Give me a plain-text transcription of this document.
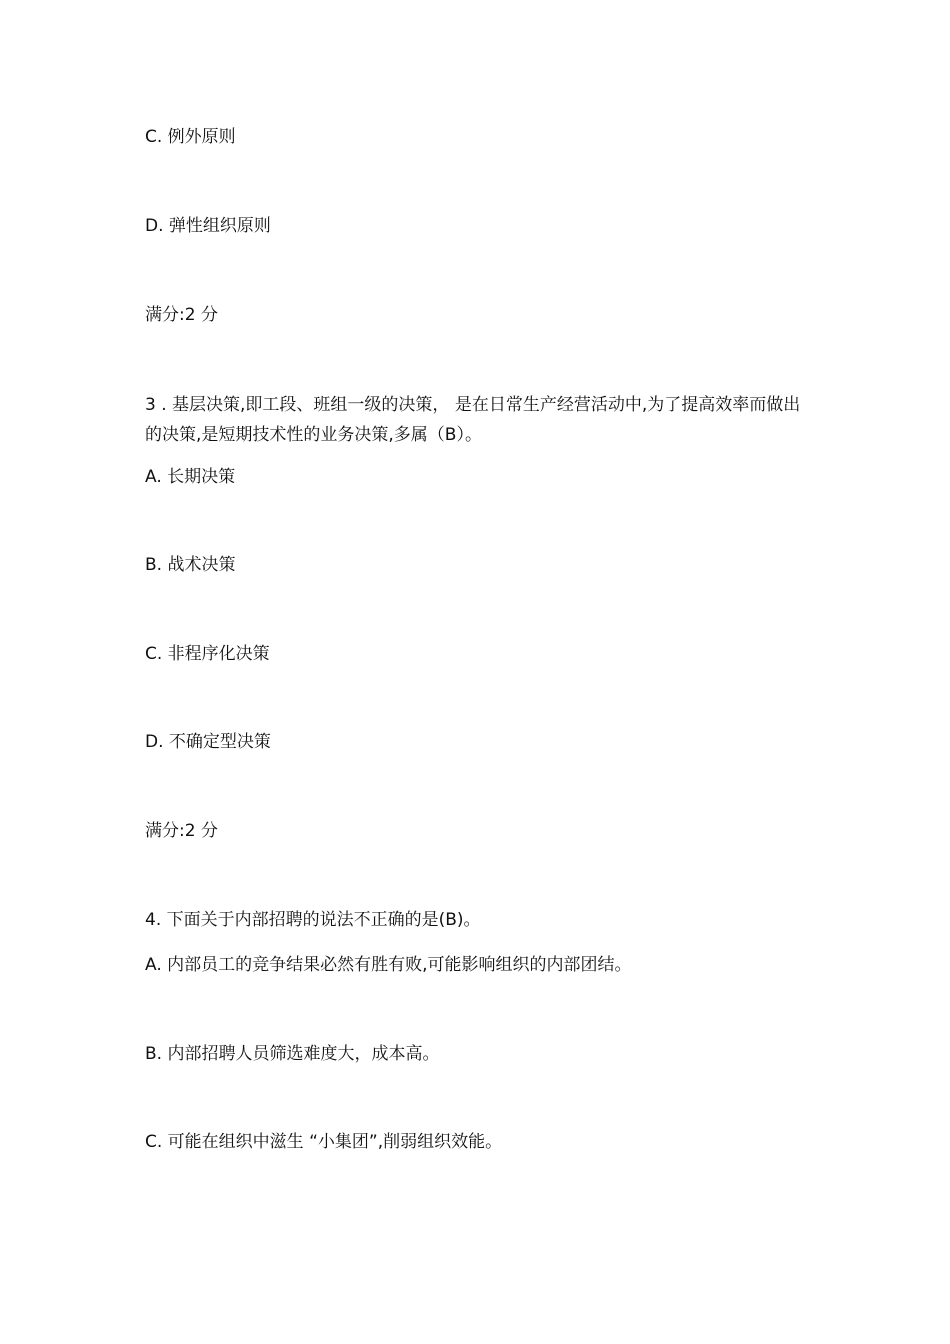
C. 例外原则
D. 弹性组织原则
满分:2 分
3 . 基层决策,即工段、班组一级的决策， 是在日常生产经营活动中,为了提高效率而做出的决策,是短期技术性的业务决策,多属（B）。
A. 长期决策
B. 战术决策
C. 非程序化决策
D. 不确定型决策
满分:2 分
4. 下面关于内部招聘的说法不正确的是(B)。
A. 内部员工的竞争结果必然有胜有败,可能影响组织的内部团结。
B. 内部招聘人员筛选难度大，成本高。
C. 可能在组织中滋生 “小集团”,削弱组织效能。
